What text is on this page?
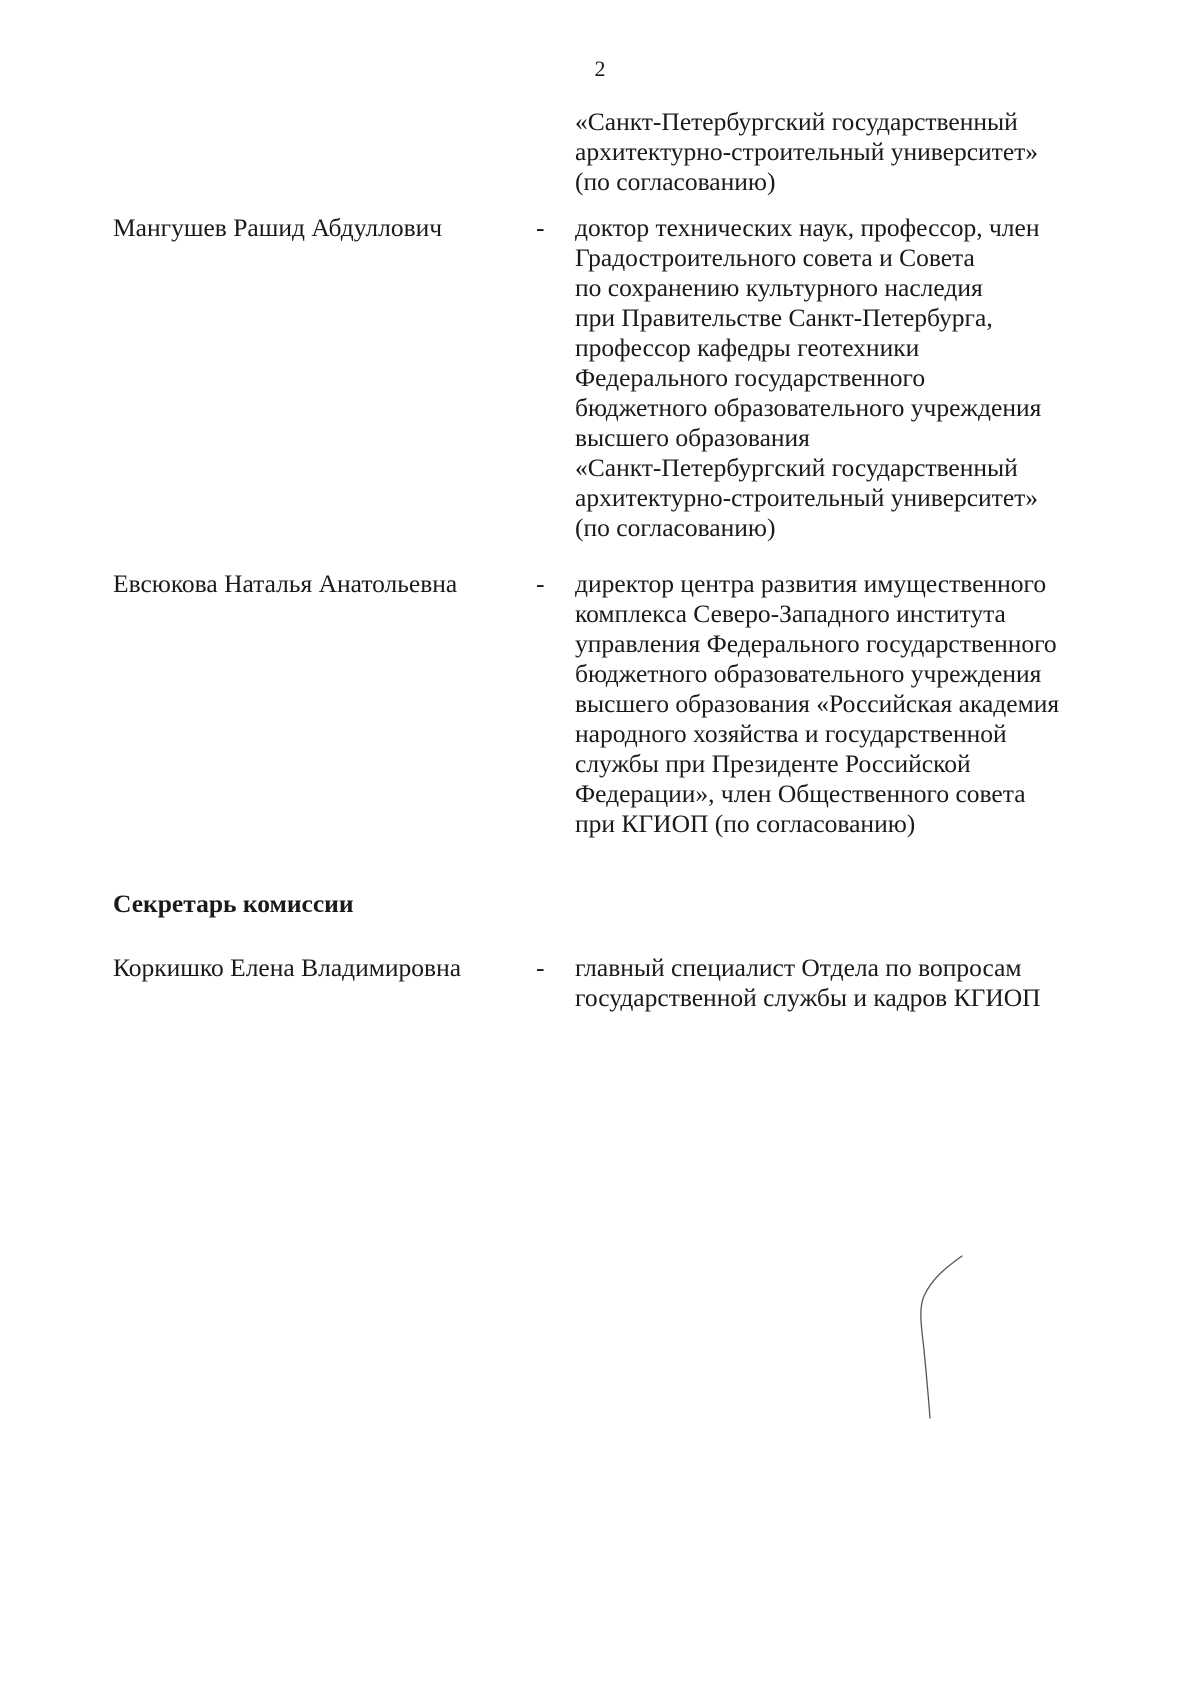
2
«Санкт-Петербургский государственный
архитектурно-строительный университет»
(по согласованию)
Мангушев Рашид Абдуллович	- доктор технических наук, профессор, член
Градостроительного совета и Совета
по сохранению культурного наследия
при Правительстве Санкт-Петербурга,
профессор кафедры геотехники
Федерального государственного
бюджетного образовательного учреждения
высшего образования
«Санкт-Петербургский государственный
архитектурно-строительный университет»
(по согласованию)
Евсюкова Наталья Анатольевна	- директор центра развития имущественного
комплекса Северо-Западного института
управления Федерального государственного
бюджетного образовательного учреждения
высшего образования «Российская академия
народного хозяйства и государственной
службы при Президенте Российской
Федерации», член Общественного совета
при КГИОП (по согласованию)
Секретарь комиссии
Коркишко Елена Владимировна	- главный специалист Отдела по вопросам
государственной службы и кадров КГИОП
